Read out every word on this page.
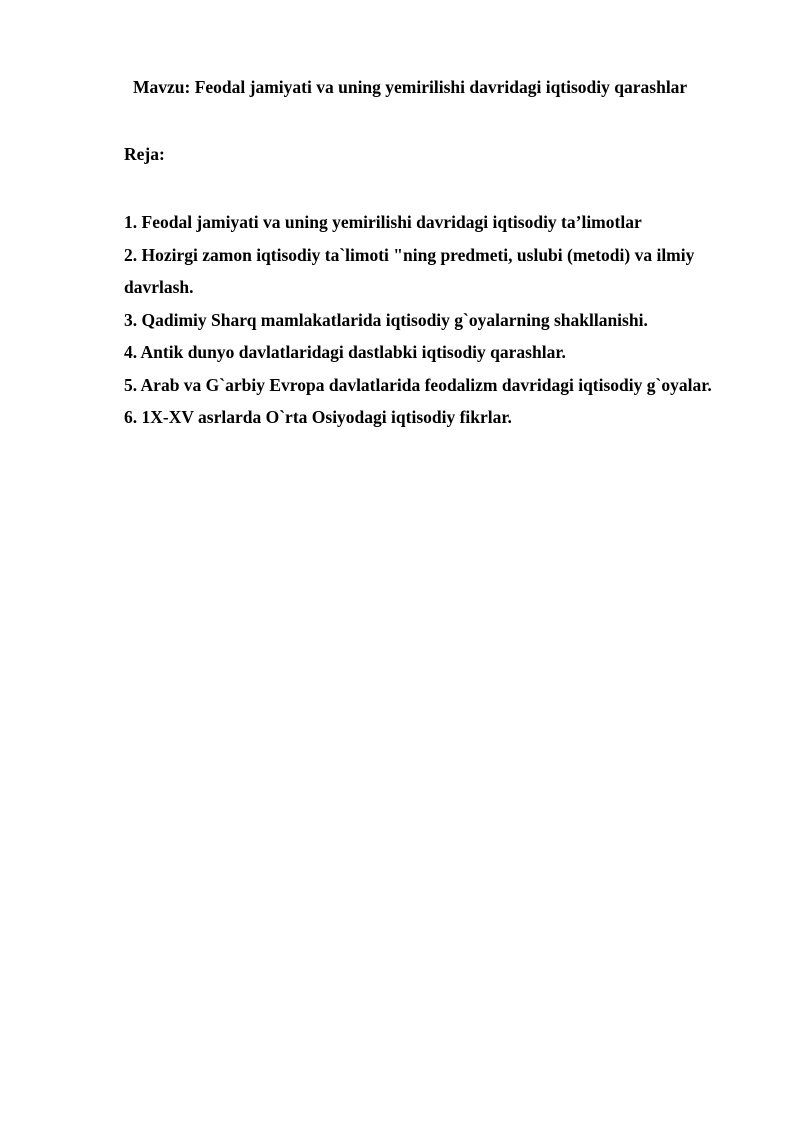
Mavzu: Feodal jamiyati va uning yemirilishi davridagi iqtisodiy qarashlar
Reja:
1. Feodal jamiyati va uning yemirilishi davridagi iqtisodiy ta’limotlar
2. Hozirgi zamon iqtisodiy ta`limoti "ning predmeti, uslubi (metodi) va ilmiy davrlash.
3. Qadimiy Sharq mamlakatlarida iqtisodiy g`oyalarning shakllanishi.
4. Antik dunyo davlatlaridagi dastlabki iqtisodiy qarashlar.
5. Arab va G`arbiy Evropa davlatlarida feodalizm davridagi iqtisodiy g`oyalar.
6. 1X-XV asrlarda O`rta Osiyodagi iqtisodiy fikrlar.
